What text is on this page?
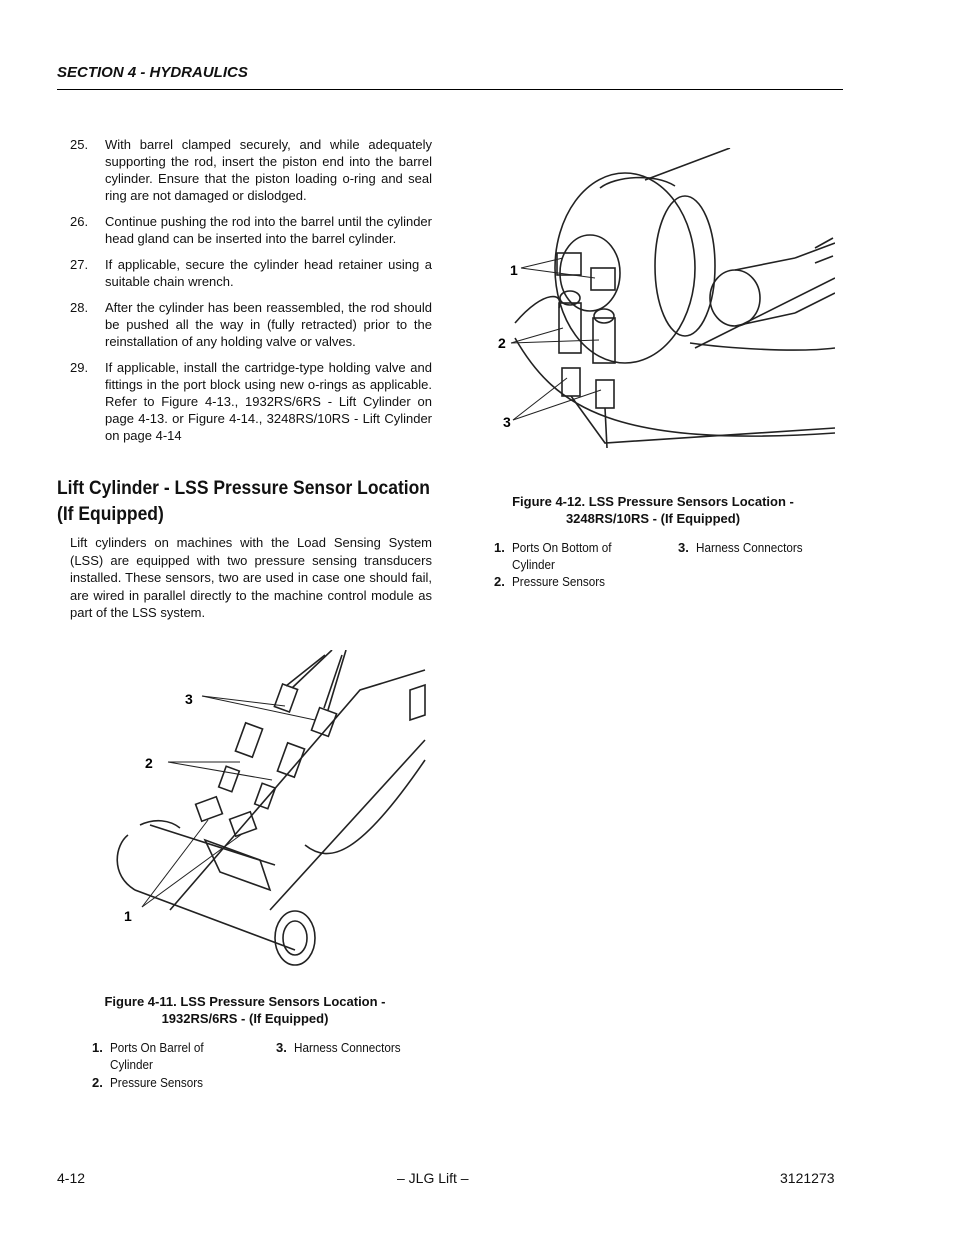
SECTION 4 - HYDRAULICS
25.	With barrel clamped securely, and while adequately supporting the rod, insert the piston end into the barrel cylinder. Ensure that the piston loading o-ring and seal ring are not damaged or dislodged.
26.	Continue pushing the rod into the barrel until the cylinder head gland can be inserted into the barrel cylinder.
27.	If applicable, secure the cylinder head retainer using a suitable chain wrench.
28.	After the cylinder has been reassembled, the rod should be pushed all the way in (fully retracted) prior to the reinstallation of any holding valve or valves.
29.	If applicable, install the cartridge-type holding valve and fittings in the port block using new o-rings as applicable. Refer to Figure 4-13., 1932RS/6RS - Lift Cylinder on page 4-13. or Figure 4-14., 3248RS/10RS - Lift Cylinder on page 4-14
Lift Cylinder - LSS Pressure Sensor Location (If Equipped)
Lift cylinders on machines with the Load Sensing System (LSS) are equipped with two pressure sensing transducers installed. These sensors, two are used in case one should fail, are wired in parallel directly to the machine control module as part of the LSS system.
3
2
1
Figure 4-11. LSS Pressure Sensors Location -
1932RS/6RS - (If Equipped)
1. Ports On Barrel of Cylinder
2. Pressure Sensors
3. Harness Connectors
1
2
3
Figure 4-12. LSS Pressure Sensors Location -
3248RS/10RS - (If Equipped)
1. Ports On Bottom of Cylinder
2. Pressure Sensors
3. Harness Connectors
4-12	– JLG Lift –	3121273
